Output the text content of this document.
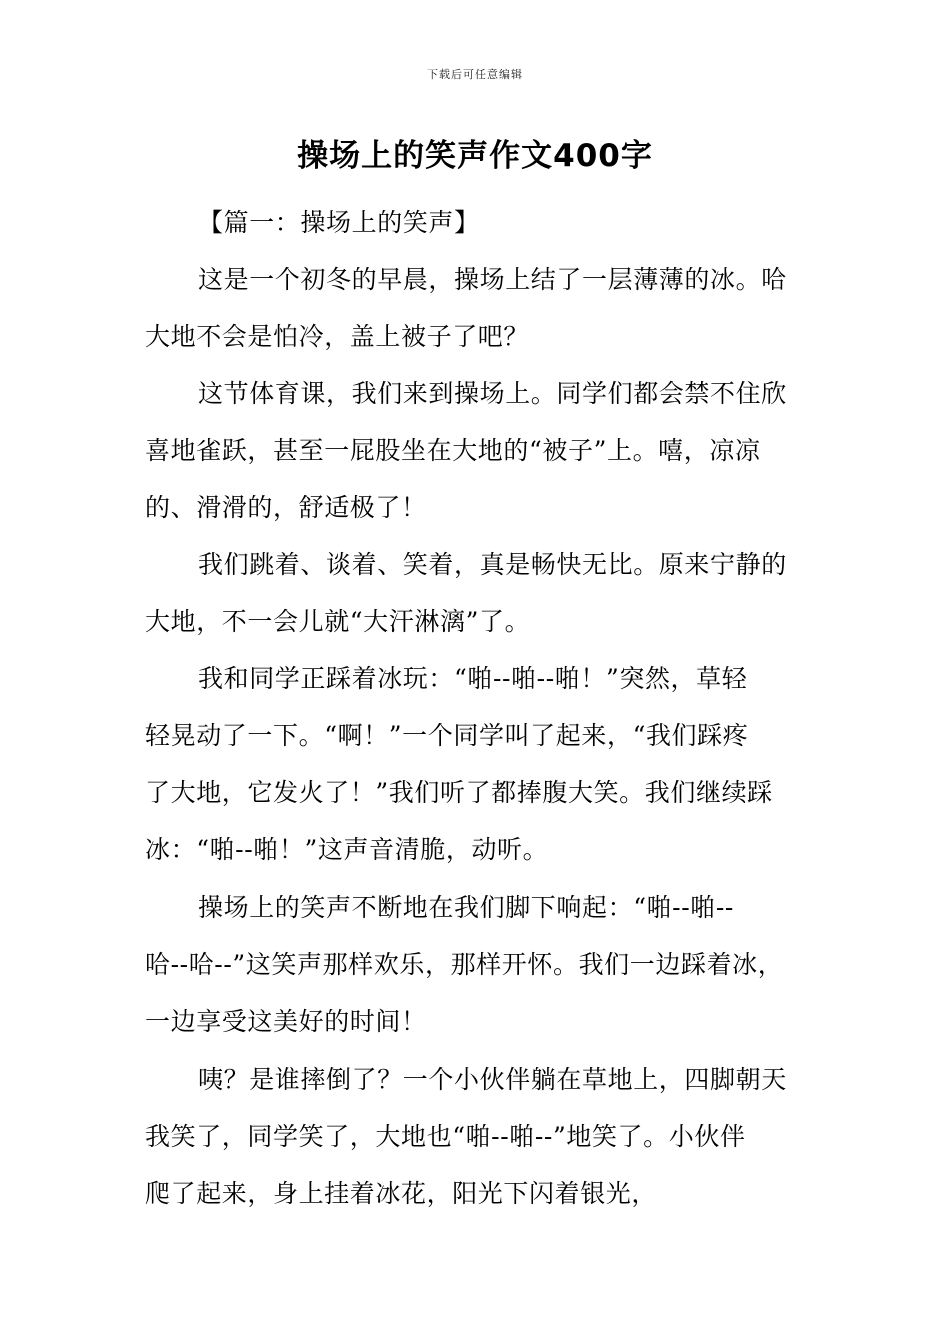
下载后可任意编辑
操场上的笑声作文400字
【篇一：操场上的笑声】
这是一个初冬的早晨，操场上结了一层薄薄的冰。哈
大地不会是怕冷，盖上被子了吧？
这节体育课，我们来到操场上。同学们都会禁不住欣
喜地雀跃，甚至一屁股坐在大地的“被子”上。嘻，凉凉
的、滑滑的，舒适极了！
我们跳着、谈着、笑着，真是畅快无比。原来宁静的
大地，不一会儿就“大汗淋漓”了。
我和同学正踩着冰玩：“啪--啪--啪！”突然，草轻
轻晃动了一下。“啊！”一个同学叫了起来，“我们踩疼
了大地，它发火了！”我们听了都捧腹大笑。我们继续踩
冰：“啪--啪！”这声音清脆，动听。
操场上的笑声不断地在我们脚下响起：“啪--啪--
哈--哈--”这笑声那样欢乐，那样开怀。我们一边踩着冰，
一边享受这美好的时间！
咦？是谁摔倒了？一个小伙伴躺在草地上，四脚朝天
我笑了，同学笑了，大地也“啪--啪--”地笑了。小伙伴
爬了起来，身上挂着冰花，阳光下闪着银光，
